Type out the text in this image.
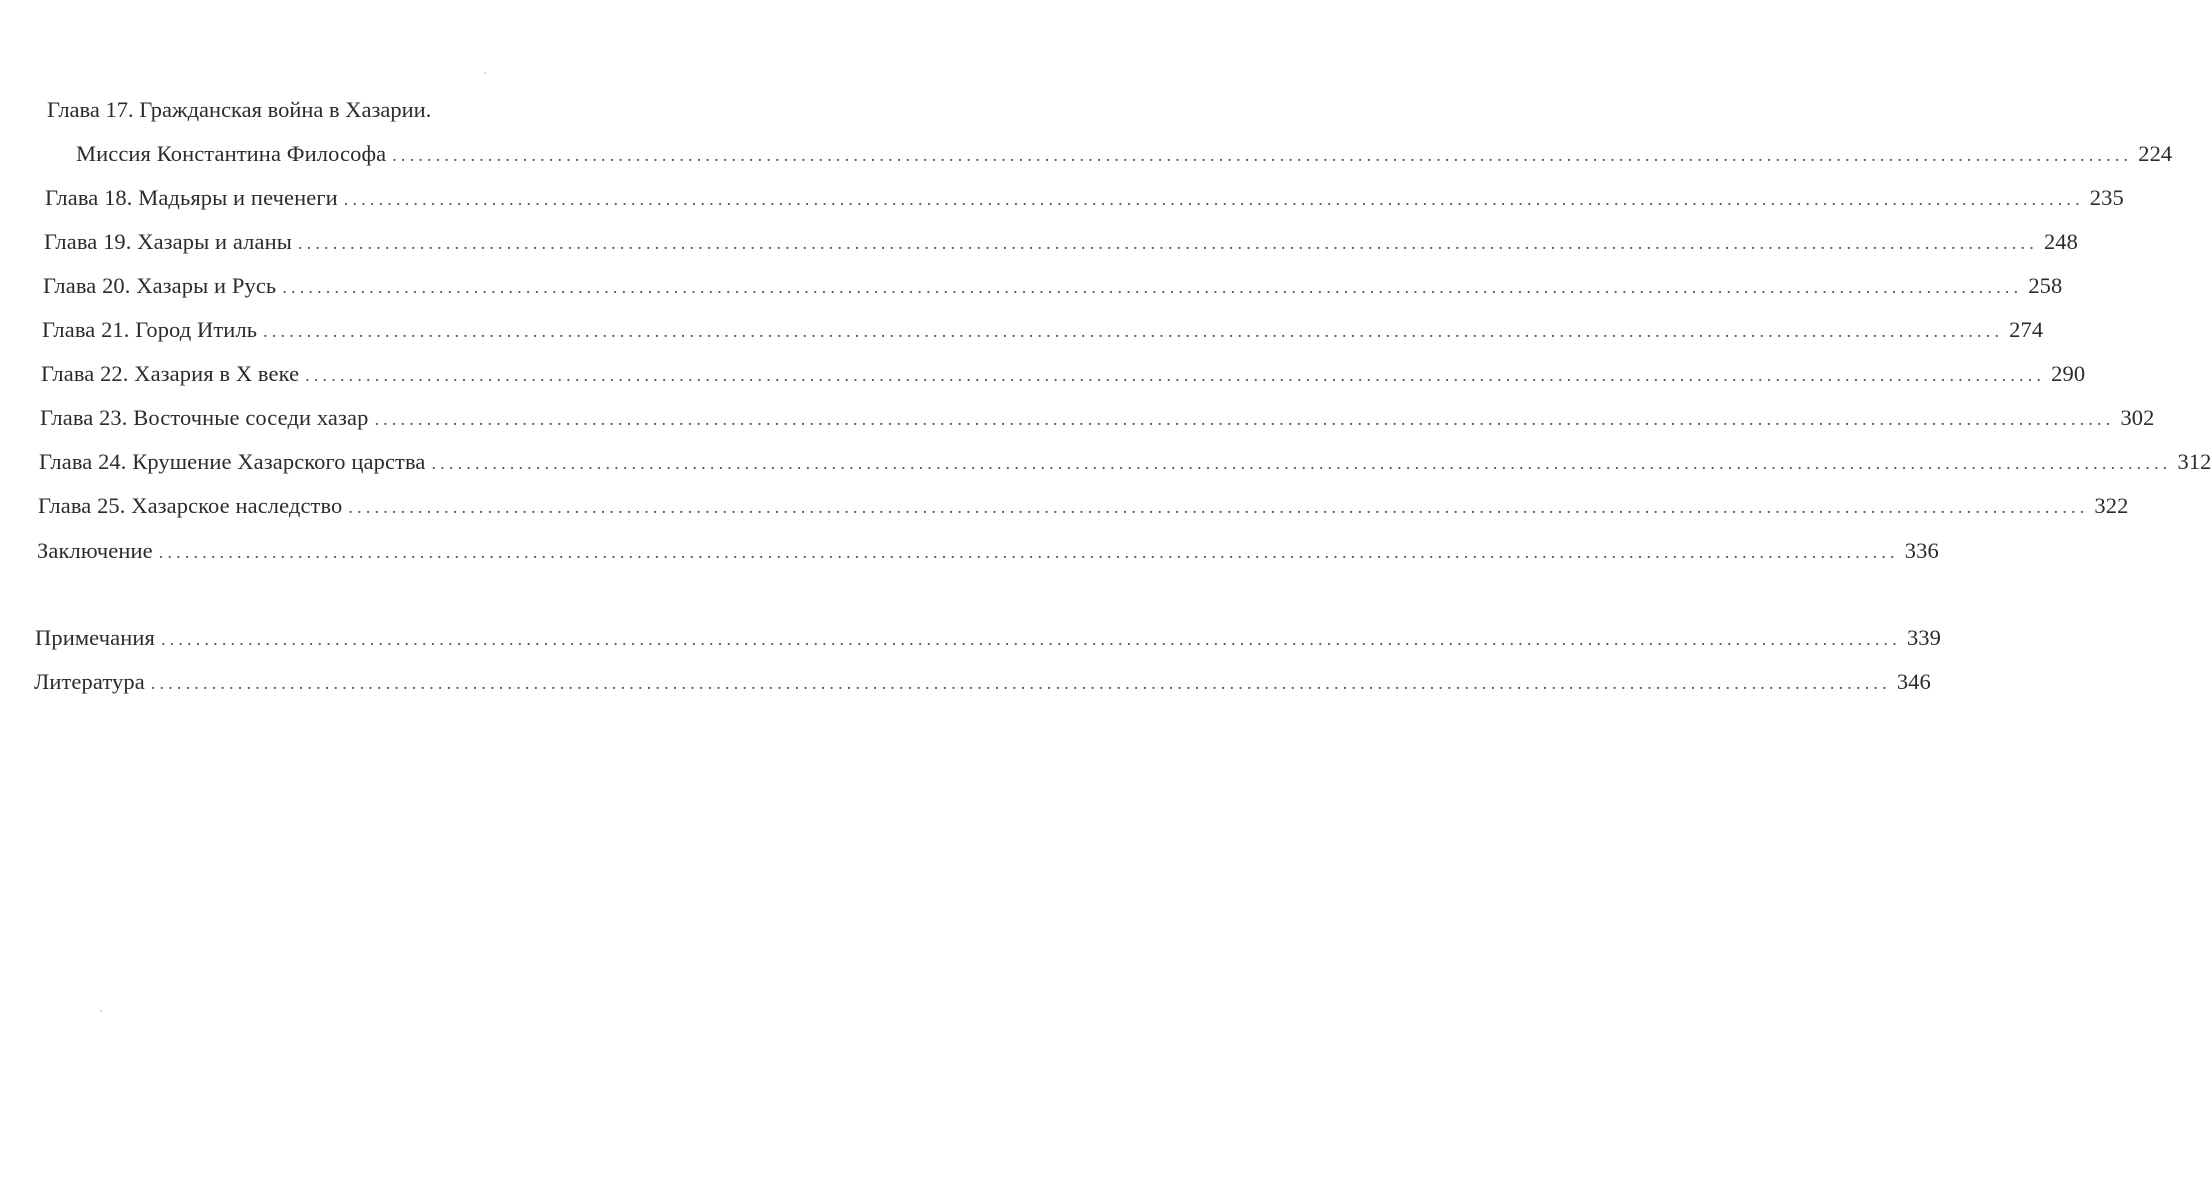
Глава 17. Гражданская война в Хазарии.
Миссия Константина Философа ........................................................................................................................................................................................................ 224
Глава 18. Мадьяры и печенеги ........................................................................................................................................................................................................ 235
Глава 19. Хазары и аланы ........................................................................................................................................................................................................ 248
Глава 20. Хазары и Русь ........................................................................................................................................................................................................ 258
Глава 21. Город Итиль ........................................................................................................................................................................................................ 274
Глава 22. Хазария в X веке ........................................................................................................................................................................................................ 290
Глава 23. Восточные соседи хазар ........................................................................................................................................................................................................ 302
Глава 24. Крушение Хазарского царства ........................................................................................................................................................................................................ 312
Глава 25. Хазарское наследство ........................................................................................................................................................................................................ 322
Заключение ........................................................................................................................................................................................................ 336
Примечания ........................................................................................................................................................................................................ 339
Литература ........................................................................................................................................................................................................ 346
